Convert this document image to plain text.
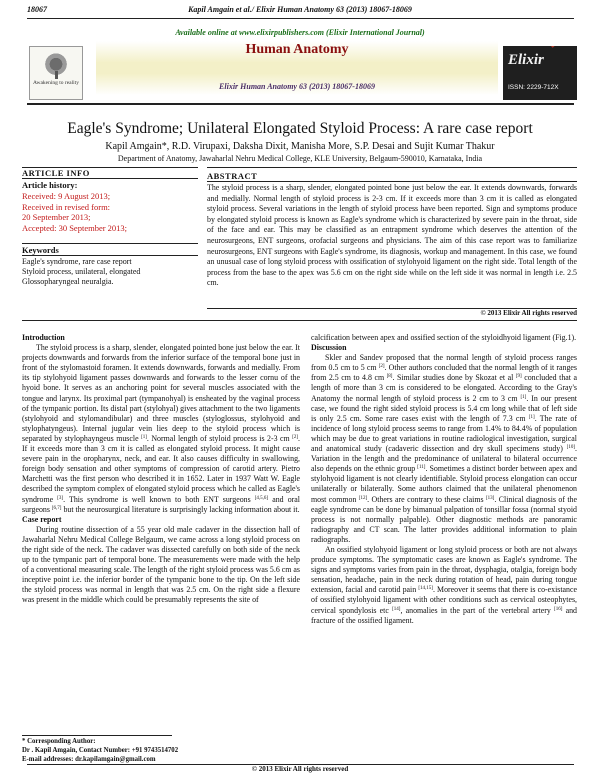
18067	Kapil Amgain et al./ Elixir Human Anatomy 63 (2013) 18067-18069
Available online at www.elixirpublishers.com (Elixir International Journal)
Human Anatomy
Elixir Human Anatomy 63 (2013) 18067-18069
Awakening to reality
Elixir
ISSN: 2229-712X
Eagle's Syndrome; Unilateral Elongated Styloid Process: A rare case report
Kapil Amgain*, R.D. Virupaxi, Daksha Dixit, Manisha More, S.P. Desai and Sujit Kumar Thakur
Department of Anatomy, Jawaharlal Nehru Medical College, KLE University, Belgaum-590010, Karnataka, India
ARTICLE INFO
Article history:
Received: 9 August 2013;
Received in revised form:
20 September 2013;
Accepted: 30 September 2013;
Keywords
Eagle's syndrome, rare case report
Styloid process, unilateral, elongated
Glossopharyngeal neuralgia.
ABSTRACT
The styloid process is a sharp, slender, elongated pointed bone just below the ear. It extends downwards, forwards and medially. Normal length of styloid process is 2-3 cm. If it exceeds more than 3 cm it is called as elongated styloid process. Several variations in the length of styloid process have been reported. Sign and symptoms produce by elongated styloid process is known as Eagle's syndrome which is characterized by severe pain in the throat, side of the face and ear. This may be classified as an entrapment syndrome which deserves the attention of the neurosurgeons, ENT surgeons, orofacial surgeons and physicians. The aim of this case report was to familiarize neurosurgeons, ENT surgeons with Eagle's syndrome, its diagnosis, workup and management. In this case, we found an unusual case of long styloid process with ossification of stylohyoid ligament on the right side. Total length of the process from the base to the apex was 5.6 cm on the right side while on the left side it was normal in length i.e. 2.5 cm.
© 2013 Elixir All rights reserved
Introduction

The styloid process is a sharp, slender, elongated pointed bone just below the ear. It projects downwards and forwards from the inferior surface of the temporal bone just in front of the stylomastoid foramen. It extends downwards, forwards and medially. From its tip stylohyoid ligament passes downwards and forwards to the lesser cornu of the hyoid bone. It serves as an anchoring point for several muscles associated with the tongue and larynx. Its proximal part (tympanohyal) is ensheated by the vaginal process of the tympanic portion. Its distal part (stylohyal) gives attachment to the two ligaments (stylohyoid and stylomandibular) and three muscles (styloglossus, stylohyoid and stylophatyngeus). Internal jugular vein lies deep to the styloid process which is separated by stylophayngeus muscle [1]. Normal length of styloid process is 2-3 cm [2]. If it exceeds more than 3 cm it is called as elongated styloid process. It might cause severe pain in the oropharynx, neck, and ear. It also causes difficulty in swallowing, foreign body sensation and other symptoms of compression of carotid artery. Pietro Marchetti was the first person who described it in 1652. Later in 1937 Watt W. Eagle described the symptom complex of elongated styloid process which he called as Eagle's syndrome [3]. This syndrome is well known to both ENT surgeons [4,5,6] and oral surgeons [6,7] but the neurosurgical literature is surprisingly lacking information about it.

Case report

During routine dissection of a 55 year old male cadaver in the dissection hall of Jawaharlal Nehru Medical College Belgaum, we came across a long styloid process on the right side of the neck. The cadaver was dissected carefully on both side of the neck up to the tympanic part of temporal bone. The measurements were made with the help of a conventional measuring scale. The length of the right styloid process was 5.6 cm as inceptive point i.e. the inferior border of the tympanic bone to the tip. On the left side the styloid process was normal in length that was 2.5 cm. On the right side a flexure was present in the middle which could be presumably represents the site of

calcification between apex and ossified section of the styloidhyoid ligament (Fig.1).
Discussion

Skler and Sandev proposed that the normal length of styloid process ranges from 0.5 cm to 5 cm [2]. Other authors concluded that the normal length of it ranges from 2.5 cm to 4.8 cm [8]. Similar studies done by Skozat et al [9] concluded that a length of more than 3 cm is considered to be elongated. According to the Gray's Anatomy the normal length of styloid process is 2 cm to 3 cm [1]. In our present case, we found the right sided styloid process is 5.4 cm long while that of left side is only 2.5 cm. Some rare cases exist with the length of 7.3 cm [1]. The rate of incidence of long styloid process seems to range from 1.4% to 84.4% of population which may be due to great variations in routine radiological investigation, surgical and anatomical study (cadaveric dissection and dry skull specimens study) [10]. Variation in the length and the predominance of unilateral to bilateral occurrence also depends on the ethnic group [11]. Sometimes a distinct border between apex and stylohyoid ligament is not clearly identifiable. Styloid process elongation can occur unilaterally or bilaterally. Some authors claimed that the unilateral phenomenon most common [12]. Others are contrary to these claims [13]. Clinical diagnosis of the eagle syndrome can be done by bimanual palpation of tonsillar fossa (normal styoid process is not normally palpable). Other diagnostic methods are panoramic radiography and CT scan. The latter provides additional information to plain radiographs.

An ossified stylohyoid ligament or long styloid process or both are not always produce symptoms. The symptomatic cases are known as Eagle's syndrome. The signs and symptoms varies from pain in the throat, dysphagia, otalgia, foreign body sensation, headache, pain in the neck during rotation of head, pain during tongue extension, facial and carotid pain [14,15]. Moreover it seems that there is co-existance of ossified stylohyoid ligament with other conditions such as cervical osteophytes, cervical spondylosis etc [14], anomalies in the part of the vertebral artery [16] and fracture of the ossified ligament.

* Corresponding Author:
Dr . Kapil Amgain, Contact Number: +91 9743514702
E-mail addresses: dr.kapilamgain@gmail.com
© 2013 Elixir All rights reserved
